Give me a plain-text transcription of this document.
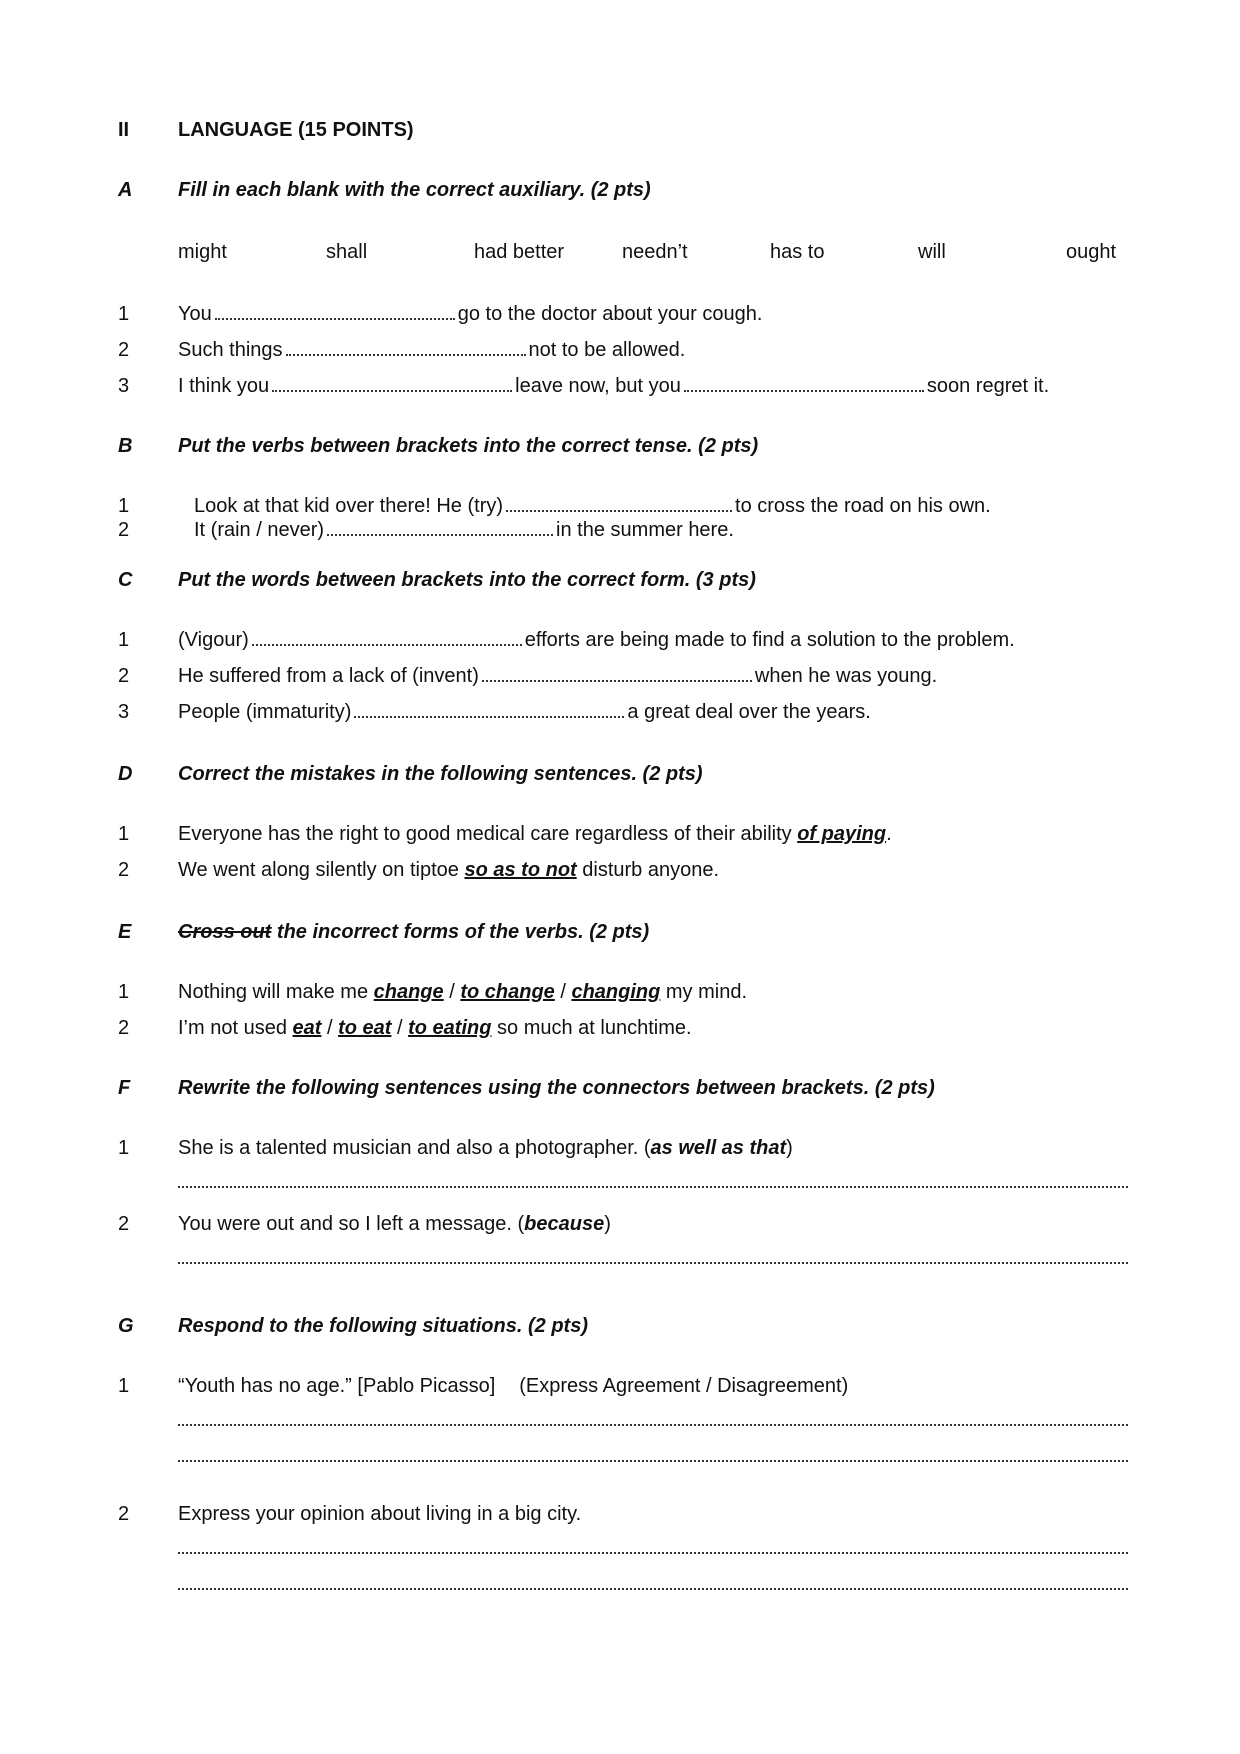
II LANGUAGE (15 POINTS)
A Fill in each blank with the correct auxiliary. (2 pts)
might	shall	had better	needn’t	has to	will	ought
1 You	go to the doctor about your cough.
2 Such things	not to be allowed.
3 I think you	leave now, but you	soon regret it.
B Put the verbs between brackets into the correct tense. (2 pts)
1	Look at that kid over there! He (try)	to cross the road on his own.
2	It (rain / never)	in the summer here.
C Put the words between brackets into the correct form. (3 pts)
1 (Vigour)	efforts are being made to find a solution to the problem.
2 He suffered from a lack of (invent)	when he was young.
3 People (immaturity)	a great deal over the years.
D Correct the mistakes in the following sentences. (2 pts)
1 Everyone has the right to good medical care regardless of their ability of paying.
2 We went along silently on tiptoe so as to not disturb anyone.
E Cross out the incorrect forms of the verbs. (2 pts)
1 Nothing will make me change / to change / changing my mind.
2 I’m not used eat / to eat / to eating so much at lunchtime.
F Rewrite the following sentences using the connectors between brackets. (2 pts)
1 She is a talented musician and also a photographer. (as well as that)
2 You were out and so I left a message. (because)
G Respond to the following situations. (2 pts)
1 “Youth has no age.” [Pablo Picasso] (Express Agreement / Disagreement)
2 Express your opinion about living in a big city.
